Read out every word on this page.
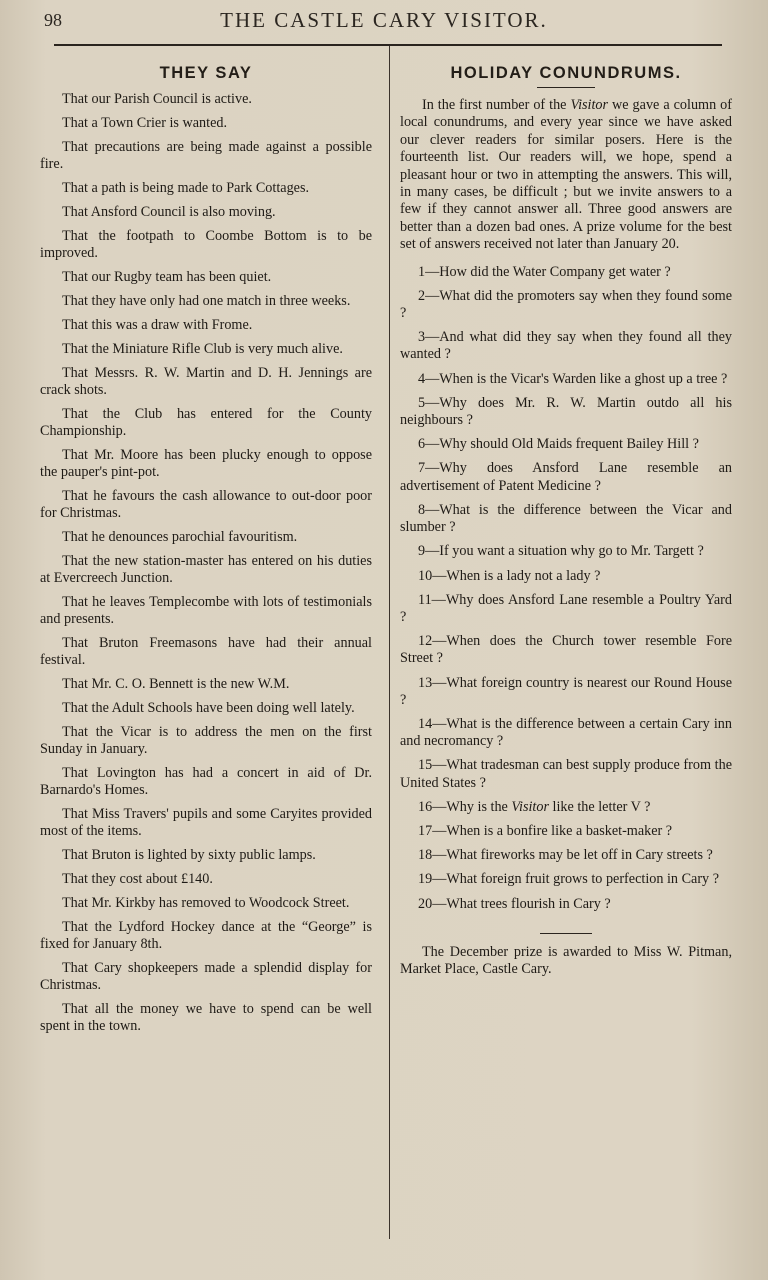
98	THE CASTLE CARY VISITOR.
THEY SAY

That our Parish Council is active.

That a Town Crier is wanted.

That precautions are being made against a possible fire.

That a path is being made to Park Cottages.

That Ansford Council is also moving.

That the footpath to Coombe Bottom is to be improved.

That our Rugby team has been quiet.

That they have only had one match in three weeks.

That this was a draw with Frome.

That the Miniature Rifle Club is very much alive.

That Messrs. R. W. Martin and D. H. Jennings are crack shots.

That the Club has entered for the County Championship.

That Mr. Moore has been plucky enough to oppose the pauper's pint-pot.

That he favours the cash allowance to out-door poor for Christmas.

That he denounces parochial favouritism.

That the new station-master has entered on his duties at Evercreech Junction.

That he leaves Templecombe with lots of testimonials and presents.

That Bruton Freemasons have had their annual festival.

That Mr. C. O. Bennett is the new W.M.

That the Adult Schools have been doing well lately.

That the Vicar is to address the men on the first Sunday in January.

That Lovington has had a concert in aid of Dr. Barnardo's Homes.

That Miss Travers' pupils and some Caryites provided most of the items.

That Bruton is lighted by sixty public lamps.

That they cost about £140.

That Mr. Kirkby has removed to Woodcock Street.

That the Lydford Hockey dance at the “George” is fixed for January 8th.

That Cary shopkeepers made a splendid display for Christmas.

That all the money we have to spend can be well spent in the town.

HOLIDAY CONUNDRUMS.

In the first number of the Visitor we gave a column of local conundrums, and every year since we have asked our clever readers for similar posers. Here is the fourteenth list. Our readers will, we hope, spend a pleasant hour or two in attempting the answers. This will, in many cases, be difficult ; but we invite answers to a few if they cannot answer all. Three good answers are better than a dozen bad ones. A prize volume for the best set of answers received not later than January 20.

1—How did the Water Company get water ?

2—What did the promoters say when they found some ?

3—And what did they say when they found all they wanted ?

4—When is the Vicar's Warden like a ghost up a tree ?

5—Why does Mr. R. W. Martin outdo all his neighbours ?

6—Why should Old Maids frequent Bailey Hill ?

7—Why does Ansford Lane resemble an advertisement of Patent Medicine ?

8—What is the difference between the Vicar and slumber ?

9—If you want a situation why go to Mr. Targett ?

10—When is a lady not a lady ?

11—Why does Ansford Lane resemble a Poultry Yard ?

12—When does the Church tower resemble Fore Street ?

13—What foreign country is nearest our Round House ?

14—What is the difference between a certain Cary inn and necromancy ?

15—What tradesman can best supply produce from the United States ?

16—Why is the Visitor like the letter V ?

17—When is a bonfire like a basket-maker ?

18—What fireworks may be let off in Cary streets ?

19—What foreign fruit grows to perfection in Cary ?

20—What trees flourish in Cary ?

The December prize is awarded to Miss W. Pitman, Market Place, Castle Cary.
